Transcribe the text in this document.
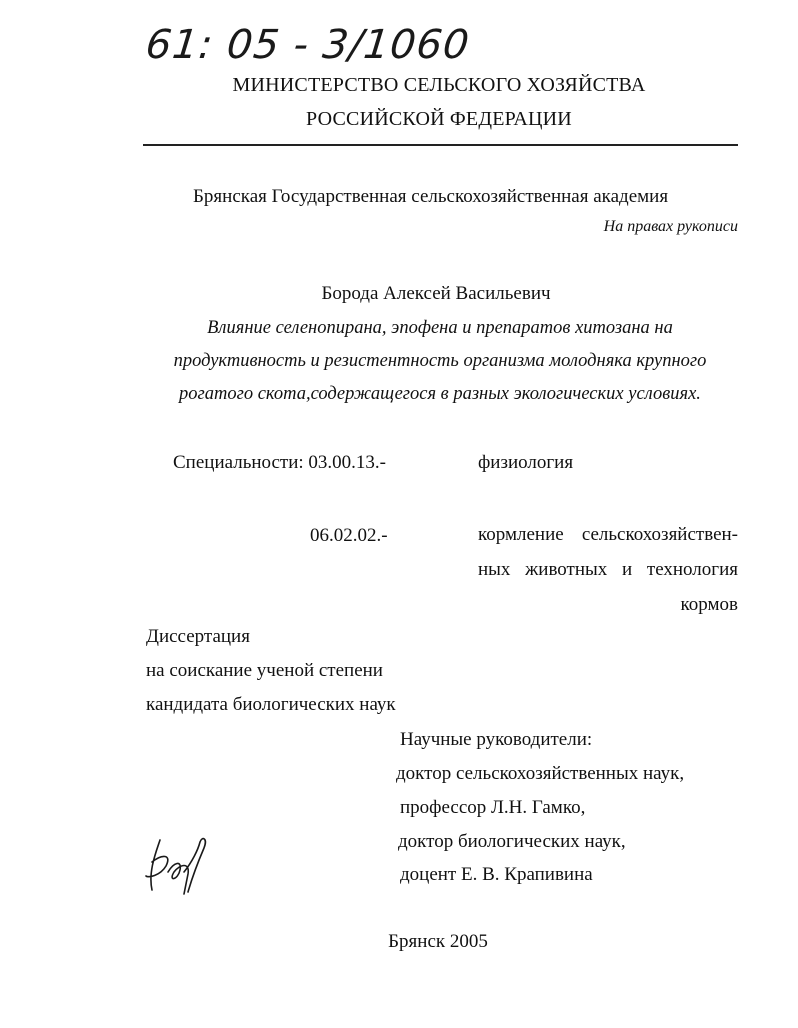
61: 05 - 3/1060
МИНИСТЕРСТВО СЕЛЬСКОГО ХОЗЯЙСТВА
РОССИЙСКОЙ ФЕДЕРАЦИИ
Брянская Государственная сельскохозяйственная академия
На правах рукописи
Борода Алексей Васильевич
Влияние селенопирана, эпофена и препаратов хитозана на
продуктивность и резистентность организма молодняка крупного
рогатого скота,содержащегося в разных экологических условиях.
Специальности: 03.00.13.-	физиология
06.02.02.-	кормление сельскохозяйствен-
ных животных и технология
кормов
Диссертация
на соискание ученой степени
кандидата биологических наук
Научные руководители:
доктор сельскохозяйственных наук,
профессор Л.Н. Гамко,
доктор биологических наук,
доцент Е. В. Крапивина
Брянск 2005
